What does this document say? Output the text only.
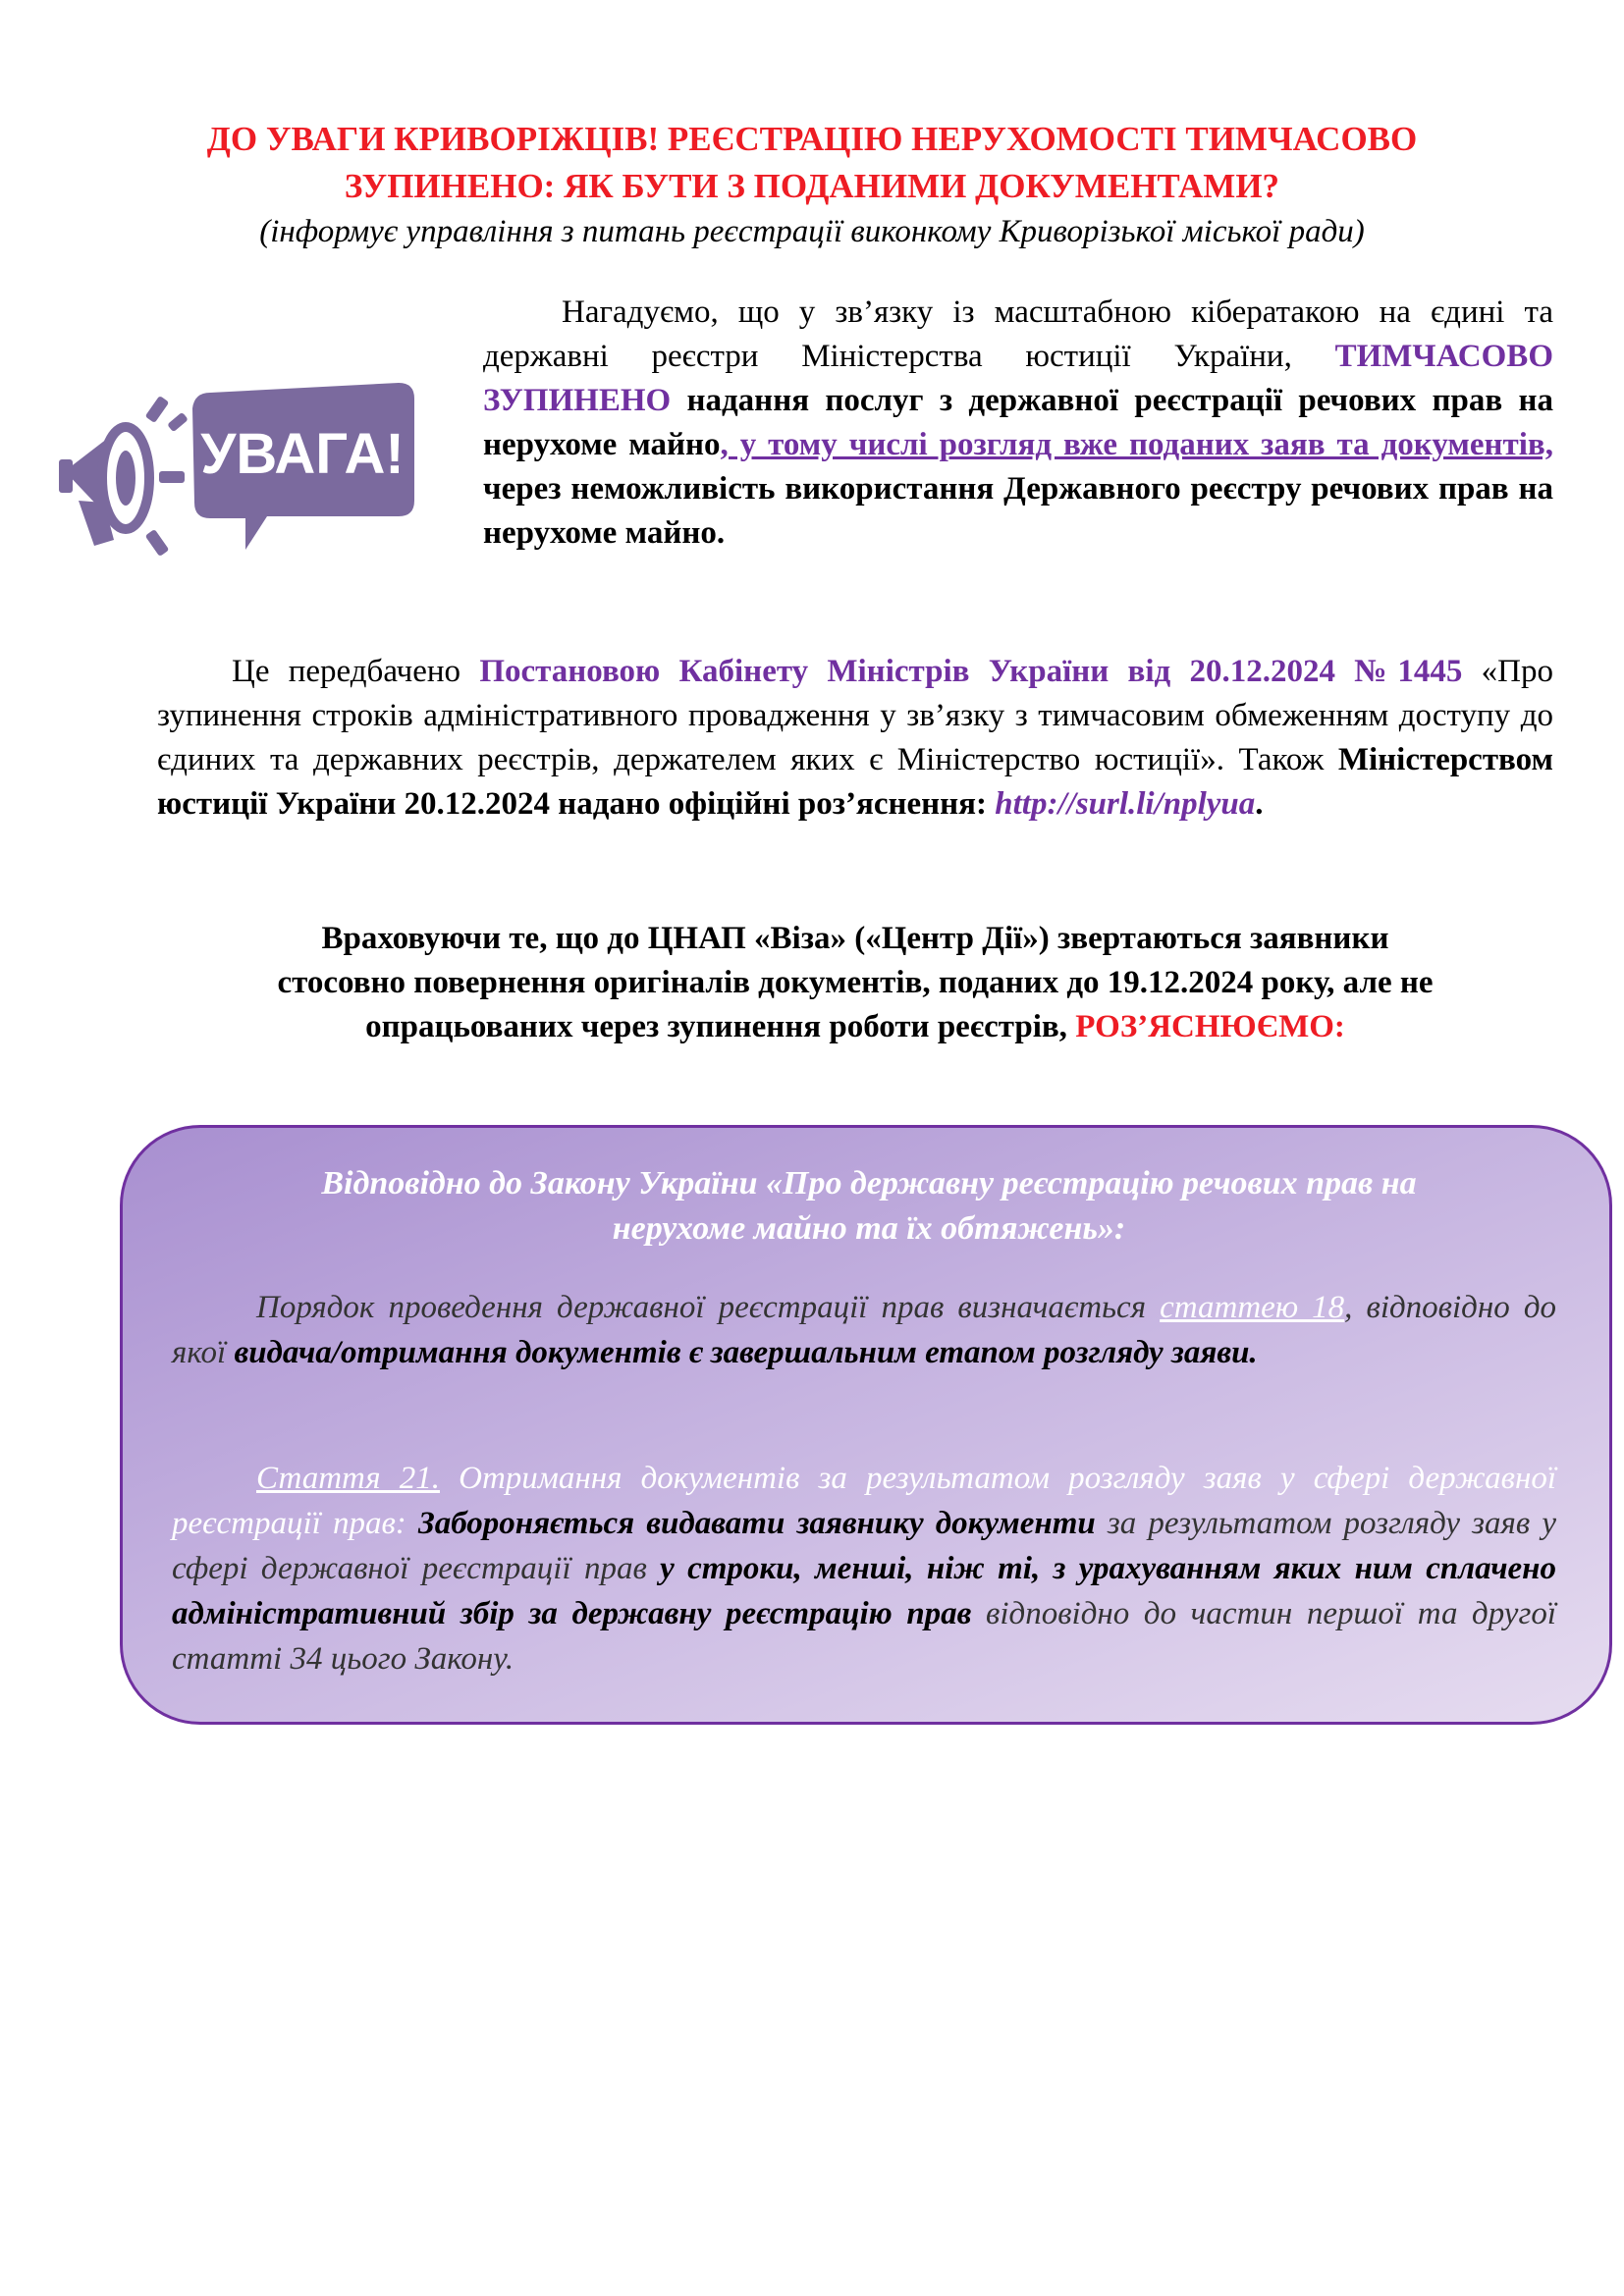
ДО УВАГИ КРИВОРІЖЦІВ! РЕЄСТРАЦІЮ НЕРУХОМОСТІ ТИМЧАСОВО
ЗУПИНЕНО: ЯК БУТИ З ПОДАНИМИ ДОКУМЕНТАМИ?
(інформує управління з питань реєстрації виконкому Криворізької міської ради)
УВАГА!
Нагадуємо, що у зв’язку із масштабною кібератакою на єдині та державні реєстри Міністерства юстиції України, ТИМЧАСОВО ЗУПИНЕНО надання послуг з державної реєстрації речових прав на нерухоме майно, у тому числі розгляд вже поданих заяв та документів, через неможливість використання Державного реєстру речових прав на нерухоме майно.
Це передбачено Постановою Кабінету Міністрів України від 20.12.2024 №1445 «Про зупинення строків адміністративного провадження у зв’язку з тимчасовим обмеженням доступу до єдиних та державних реєстрів, держателем яких є Міністерство юстиції». Також Міністерством юстиції України 20.12.2024 надано офіційні роз’яснення: http://surl.li/nplyua.
Враховуючи те, що до ЦНАП «Віза» («Центр Дії») звертаються заявники
стосовно повернення оригіналів документів, поданих до 19.12.2024 року, але не
опрацьованих через зупинення роботи реєстрів, РОЗ’ЯСНЮЄМО:
Відповідно до Закону України «Про державну реєстрацію речових прав на
нерухоме майно та їх обтяжень»:
Порядок проведення державної реєстрації прав визначається статтею 18, відповідно до якої видача/отримання документів є завершальним етапом розгляду заяви.
Стаття 21. Отримання документів за результатом розгляду заяв у сфері державної реєстрації прав: Забороняється видавати заявнику документи за результатом розгляду заяв у сфері державної реєстрації прав у строки, менші, ніж ті, з урахуванням яких ним сплачено адміністративний збір за державну реєстрацію прав відповідно до частин першої та другої статті 34 цього Закону.
